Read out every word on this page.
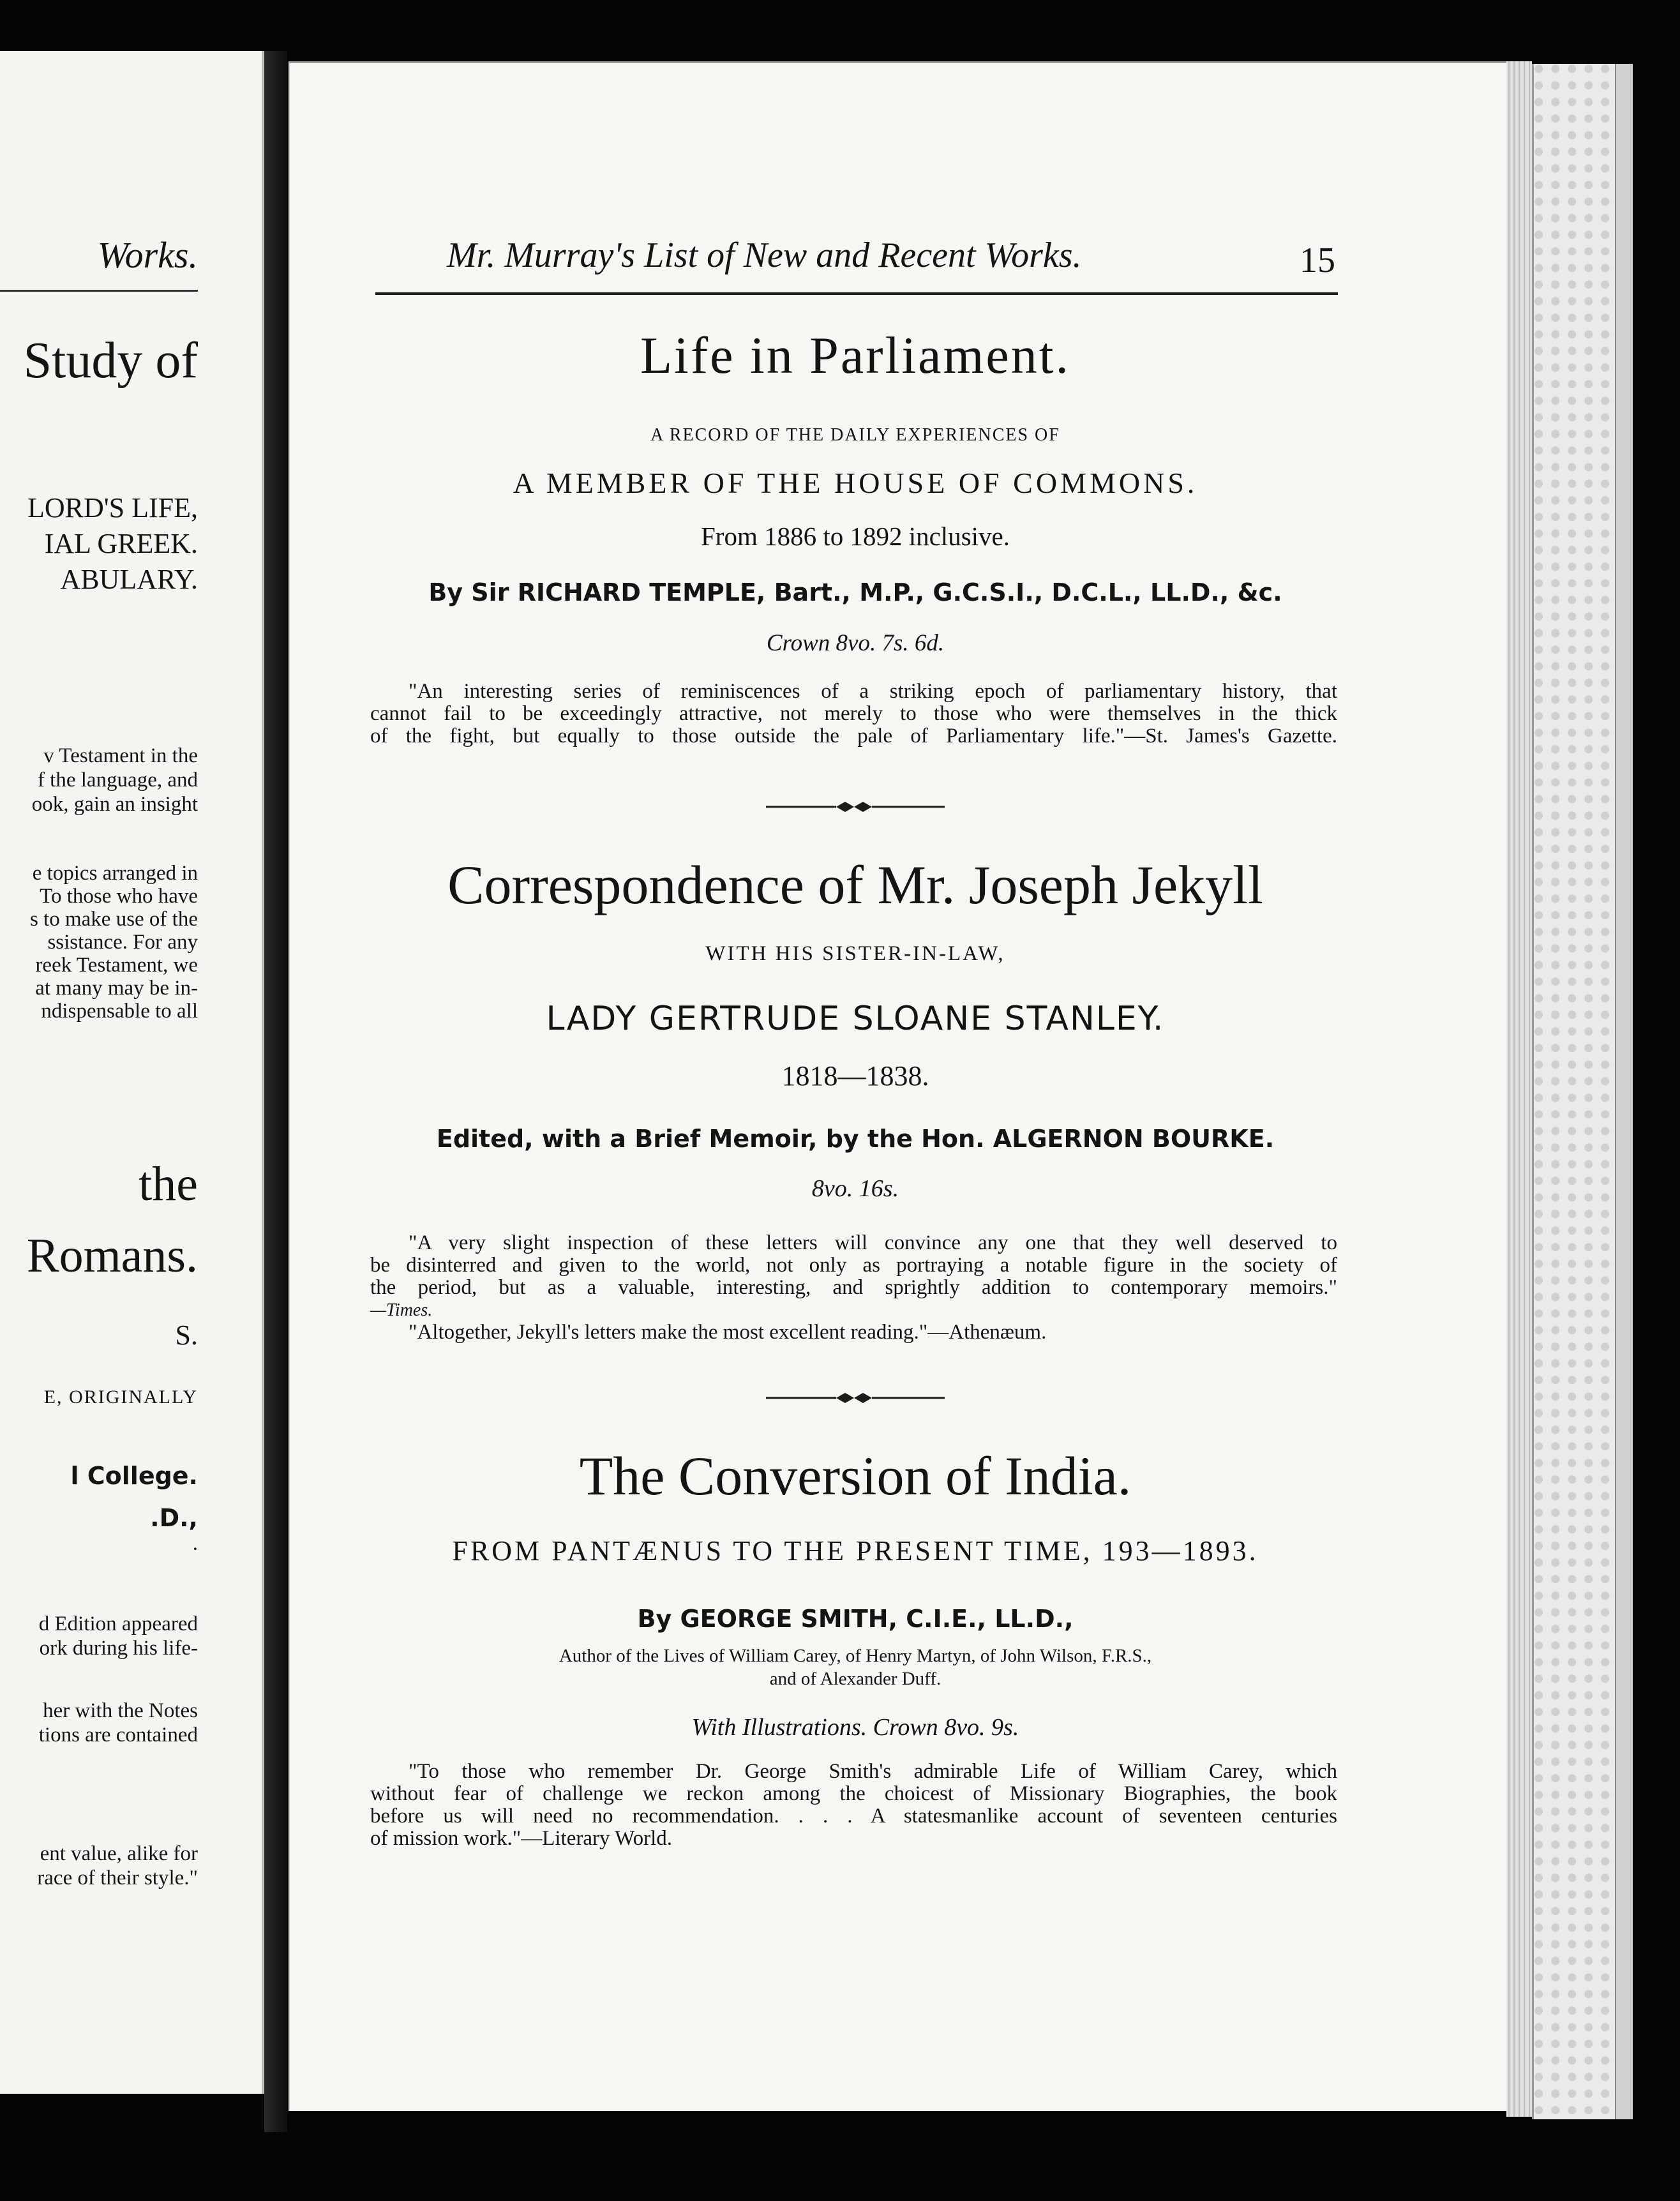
Works.
Study of
LORD'S LIFE,
IAL GREEK.
ABULARY.
v Testament in the
f the language, and
ook, gain an insight
e topics arranged in
To those who have
s to make use of the
ssistance. For any
reek Testament, we
at many may be in-
ndispensable to all
the
Romans.
S.
E, ORIGINALLY
l College.
.D.,
.
d Edition appeared
ork during his life-
her with the Notes
tions are contained
ent value, alike for
race of their style."
Mr. Murray's List of New and Recent Works.	15
Life in Parliament.
A RECORD OF THE DAILY EXPERIENCES OF
A MEMBER OF THE HOUSE OF COMMONS.
From 1886 to 1892 inclusive.
By Sir RICHARD TEMPLE, Bart., M.P., G.C.S.I., D.C.L., LL.D., &c.
Crown 8vo. 7s. 6d.
"An interesting series of reminiscences of a striking epoch of parliamentary history, that
cannot fail to be exceedingly attractive, not merely to those who were themselves in the thick
of the fight, but equally to those outside the pale of Parliamentary life."—St. James's Gazette.
Correspondence of Mr. Joseph Jekyll
WITH HIS SISTER-IN-LAW,
LADY GERTRUDE SLOANE STANLEY.
1818—1838.
Edited, with a Brief Memoir, by the Hon. ALGERNON BOURKE.
8vo. 16s.
"A very slight inspection of these letters will convince any one that they well deserved to
be disinterred and given to the world, not only as portraying a notable figure in the society of
the period, but as a valuable, interesting, and sprightly addition to contemporary memoirs."
—Times.
"Altogether, Jekyll's letters make the most excellent reading."—Athenæum.
The Conversion of India.
FROM PANTÆNUS TO THE PRESENT TIME, 193—1893.
By GEORGE SMITH, C.I.E., LL.D.,
Author of the Lives of William Carey, of Henry Martyn, of John Wilson, F.R.S.,
and of Alexander Duff.
With Illustrations. Crown 8vo. 9s.
"To those who remember Dr. George Smith's admirable Life of William Carey, which
without fear of challenge we reckon among the choicest of Missionary Biographies, the book
before us will need no recommendation. . . . A statesmanlike account of seventeen centuries
of mission work."—Literary World.
